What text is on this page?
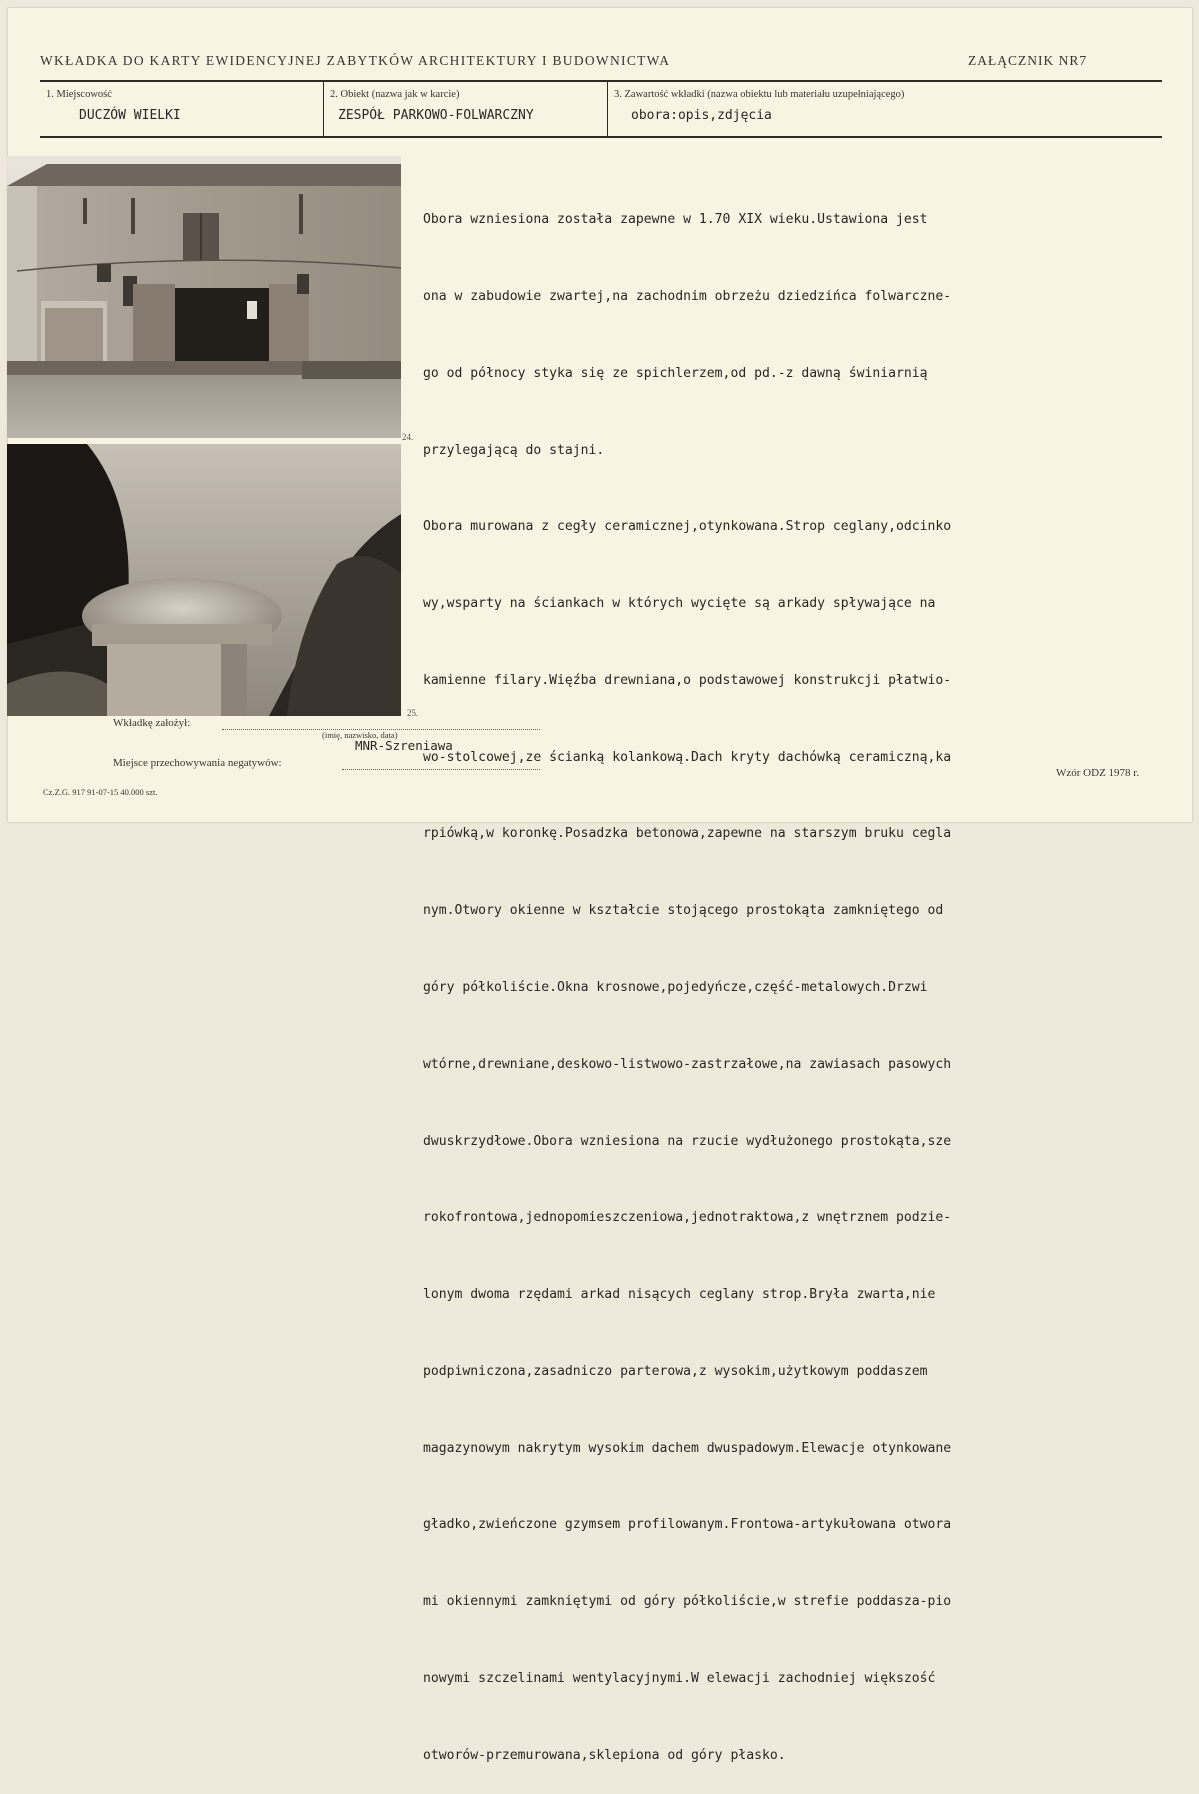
WKŁADKA DO KARTY EWIDENCYJNEJ ZABYTKÓW ARCHITEKTURY I BUDOWNICTWA	ZAŁĄCZNIK NR7
1. Miejscowość
DUCZÓW WIELKI
2. Obiekt (nazwa jak w karcie)
ZESPÓŁ PARKOWO-FOLWARCZNY
3. Zawartość wkładki (nazwa obiektu lub materiału uzupełniającego)
obora:opis,zdjęcia
24.
25.

Obora wzniesiona została zapewne w 1.70 XIX wieku.Ustawiona jest

ona w zabudowie zwartej,na zachodnim obrzeżu dziedzińca folwarczne-

go od północy styka się ze spichlerzem,od pd.-z dawną świniarnią

przylegającą do stajni.

Obora murowana z cegły ceramicznej,otynkowana.Strop ceglany,odcinko

wy,wsparty na ściankach w których wycięte są arkady spływające na

kamienne filary.Więźba drewniana,o podstawowej konstrukcji płatwio-

wo-stolcowej,ze ścianką kolankową.Dach kryty dachówką ceramiczną,ka

rpiówką,w koronkę.Posadzka betonowa,zapewne na starszym bruku cegla

nym.Otwory okienne w kształcie stojącego prostokąta zamkniętego od

góry półkoliście.Okna krosnowe,pojedyńcze,część-metalowych.Drzwi

wtórne,drewniane,deskowo-listwowo-zastrzałowe,na zawiasach pasowych

dwuskrzydłowe.Obora wzniesiona na rzucie wydłużonego prostokąta,sze

rokofrontowa,jednopomieszczeniowa,jednotraktowa,z wnętrznem podzie-

lonym dwoma rzędami arkad nisących ceglany strop.Bryła zwarta,nie

podpiwniczona,zasadniczo parterowa,z wysokim,użytkowym poddaszem

magazynowym nakrytym wysokim dachem dwuspadowym.Elewacje otynkowane

gładko,zwieńczone gzymsem profilowanym.Frontowa-artykułowana otwora

mi okiennymi zamkniętymi od góry półkoliście,w strefie poddasza-pio

nowymi szczelinami wentylacyjnymi.W elewacji zachodniej większość

otworów-przemurowana,sklepiona od góry płasko.

Wkładkę założył:
(imię, nazwisko, data)
MNR-Szreniawa
Miejsce przechowywania negatywów:
Cz.Z.G. 917 91-07-15 40.000 szt.
Wzór ODZ 1978 r.
